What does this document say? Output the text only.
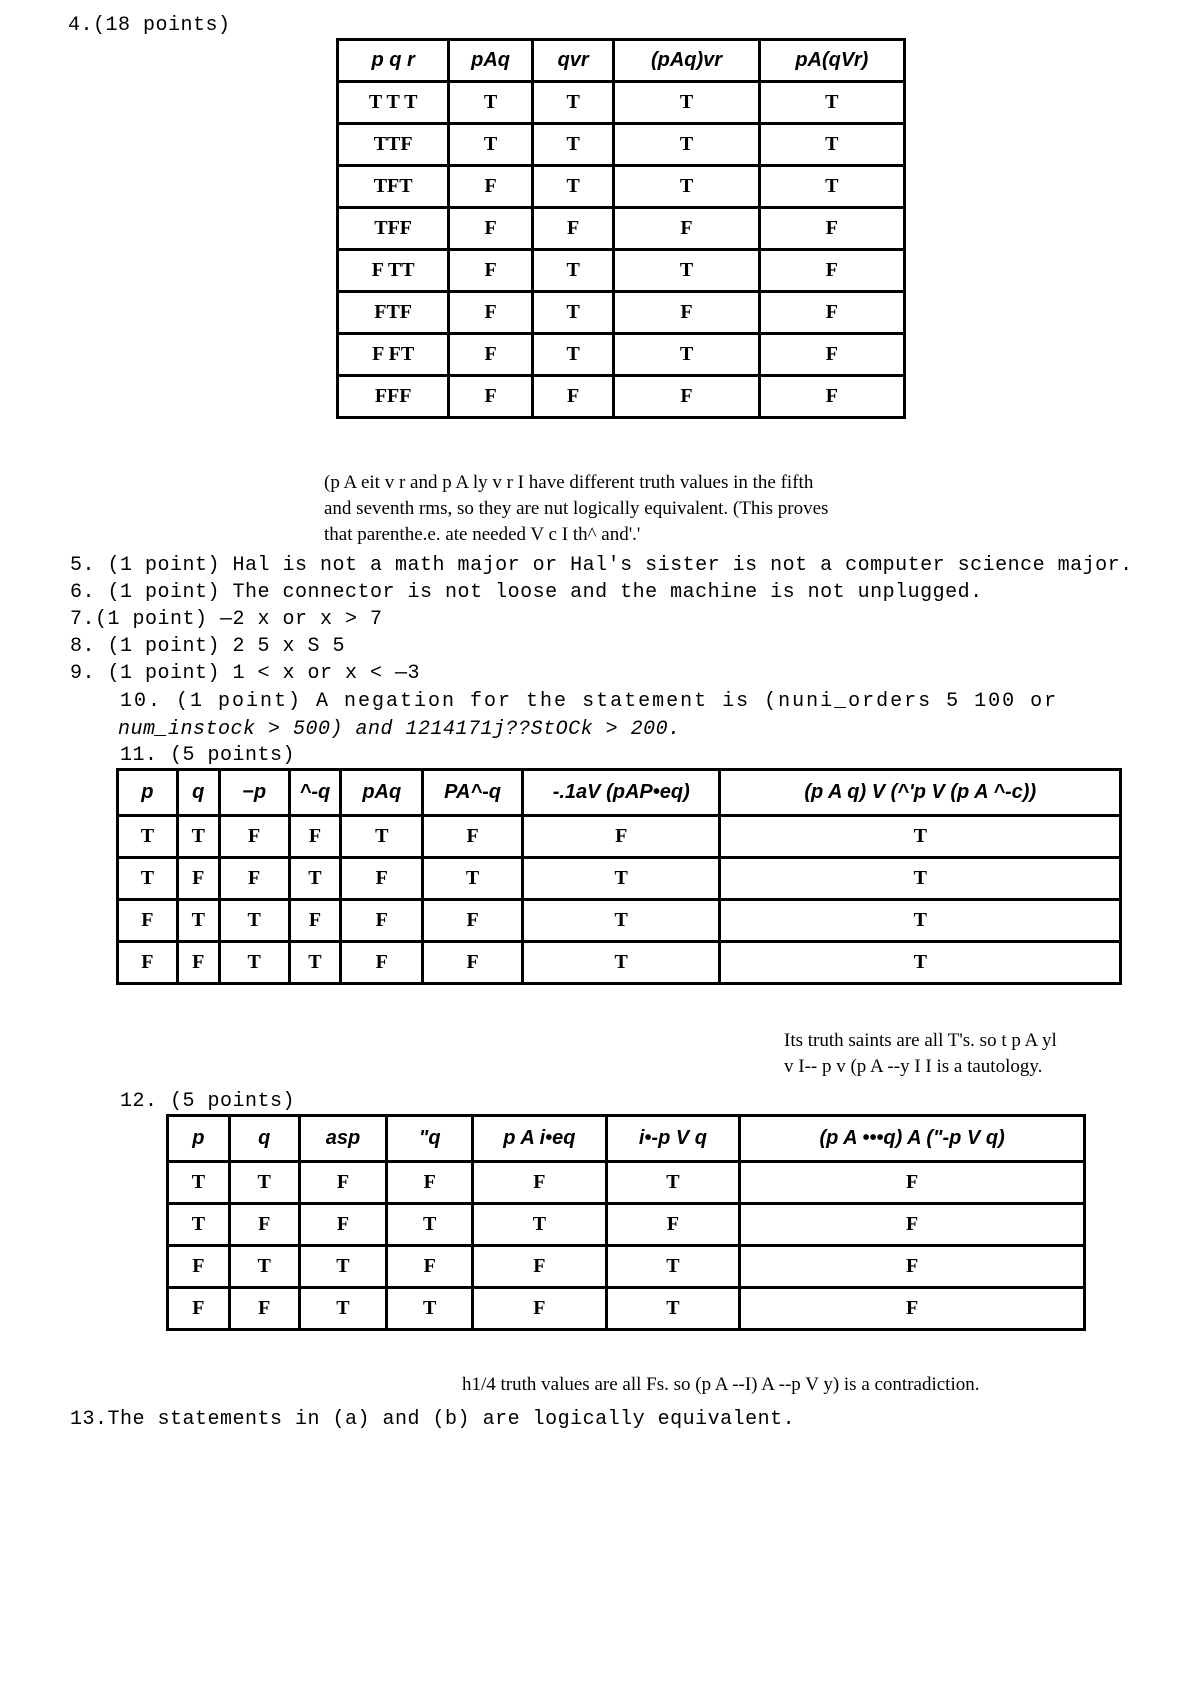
4.(18 points)
p q r	pAq	qvr	(pAq)vr	pA(qVr)
T T T	T	T	T	T
TTF	T	T	T	T
TFT	F	T	T	T
TFF	F	F	F	F
F TT	F	T	T	F
FTF	F	T	F	F
F FT	F	T	T	F
FFF	F	F	F	F
(p A eit v r and p A ly v r I have different truth values in the fifth
and seventh rms, so they are nut logically equivalent. (This proves
that parenthe.e. ate needed V c I th^ and'.'
5. (1 point) Hal is not a math major or Hal's sister is not a computer science major.
6. (1 point) The connector is not loose and the machine is not unplugged.
7.(1 point) —2 x or x > 7
8. (1 point) 2 5 x S 5
9. (1 point) 1 < x or x < —3
10. (1 point) A negation for the statement is (nuni_orders 5 100 or
num_instock > 500) and 1214171j??StOCk > 200.
11. (5 points)
p	q	−p	^-q	pAq	PA^-q	-.1aV (pAP•eq)	(p A q) V (^'p V (p A ^-c))
T	T	F	F	T	F	F	T
T	F	F	T	F	T	T	T
F	T	T	F	F	F	T	T
F	F	T	T	F	F	T	T
Its truth saints are all T's. so t p A yl
v I-- p v (p A --y I I is a tautology.
12. (5 points)
p	q	asp	"q	p A i•eq	i•-p V q	(p A •••q) A ("-p V q)
T	T	F	F	F	T	F
T	F	F	T	T	F	F
F	T	T	F	F	T	F
F	F	T	T	F	T	F
h1/4 truth values are all Fs. so (p A --I) A --p V y) is a contradiction.
13.The statements in (a) and (b) are logically equivalent.
